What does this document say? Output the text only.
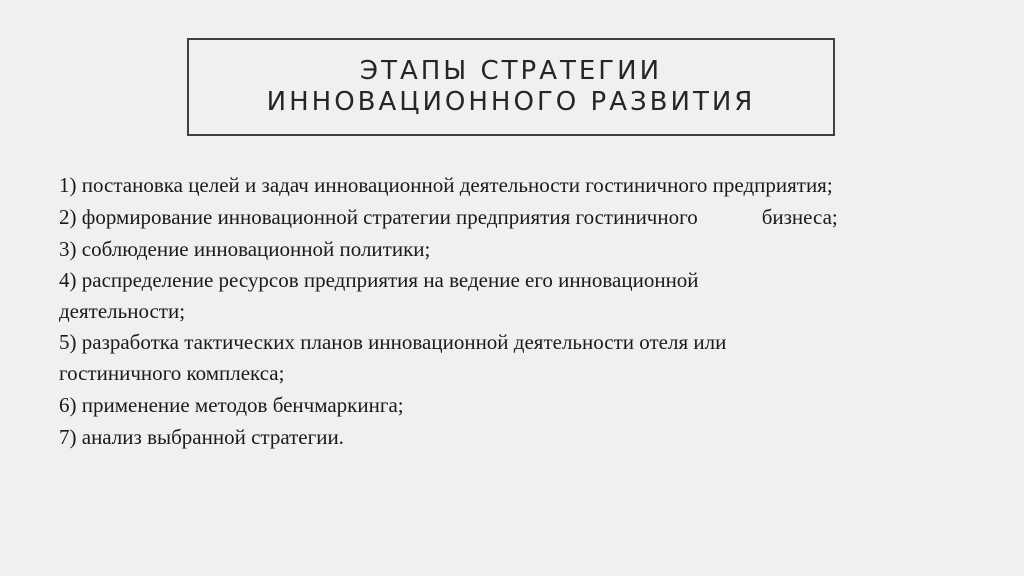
ЭТАПЫ СТРАТЕГИИ
ИННОВАЦИОННОГО РАЗВИТИЯ
1) постановка целей и задач инновационной деятельности гостиничного предприятия;
2) формирование инновационной стратегии предприятия гостиничного	бизнеса;
3) соблюдение инновационной политики;
4) распределение ресурсов предприятия на ведение его инновационной
деятельности;
5) разработка тактических планов инновационной деятельности отеля или
гостиничного комплекса;
6) применение методов бенчмаркинга;
7) анализ выбранной стратегии.
